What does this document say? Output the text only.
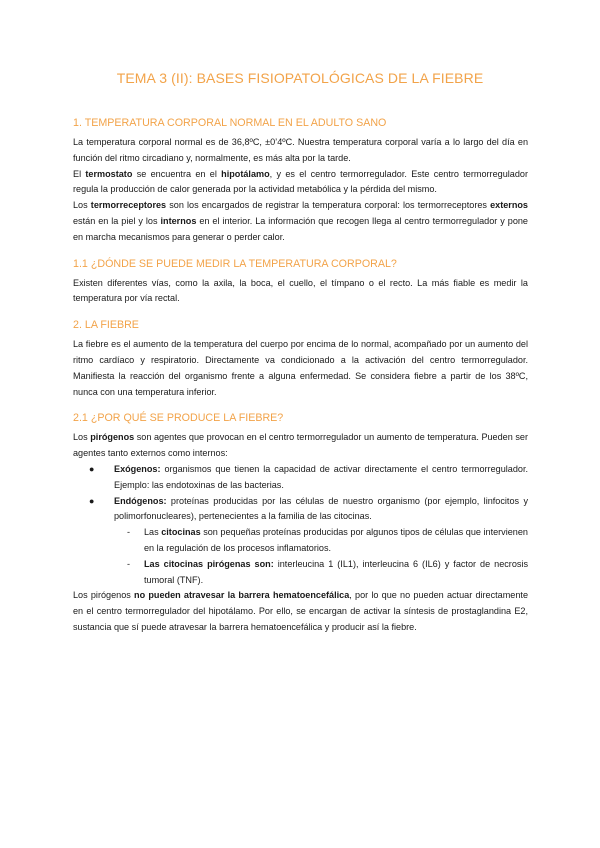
TEMA 3 (II): BASES FISIOPATOLÓGICAS DE LA FIEBRE
1. TEMPERATURA CORPORAL NORMAL EN EL ADULTO SANO

La temperatura corporal normal es de 36,8ºC, ±0’4ºC. Nuestra temperatura corporal varía a lo largo del día en función del ritmo circadiano y, normalmente, es más alta por la tarde.

El termostato se encuentra en el hipotálamo, y es el centro termorregulador. Este centro termorregulador regula la producción de calor generada por la actividad metabólica y la pérdida del mismo.

Los termorreceptores son los encargados de registrar la temperatura corporal: los termorreceptores externos están en la piel y los internos en el interior. La información que recogen llega al centro termorregulador y pone en marcha mecanismos para generar o perder calor.

1.1 ¿DÓNDE SE PUEDE MEDIR LA TEMPERATURA CORPORAL?

Existen diferentes vías, como la axila, la boca, el cuello, el tímpano o el recto. La más fiable es medir la temperatura por vía rectal.

2. LA FIEBRE

La fiebre es el aumento de la temperatura del cuerpo por encima de lo normal, acompañado por un aumento del ritmo cardíaco y respiratorio. Directamente va condicionado a la activación del centro termorregulador. Manifiesta la reacción del organismo frente a alguna enfermedad. Se considera fiebre a partir de los 38ºC, nunca con una temperatura inferior.

2.1 ¿POR QUÉ SE PRODUCE LA FIEBRE?

Los pirógenos son agentes que provocan en el centro termorregulador un aumento de temperatura. Pueden ser agentes tanto externos como internos:

● Exógenos: organismos que tienen la capacidad de activar directamente el centro termorregulador. Ejemplo: las endotoxinas de las bacterias.
● Endógenos: proteínas producidas por las células de nuestro organismo (por ejemplo, linfocitos y polimorfonucleares), pertenecientes a la familia de las citocinas.
- Las citocinas son pequeñas proteínas producidas por algunos tipos de células que intervienen en la regulación de los procesos inflamatorios.
- Las citocinas pirógenas son: interleucina 1 (IL1), interleucina 6 (IL6) y factor de necrosis tumoral (TNF).

Los pirógenos no pueden atravesar la barrera hematoencefálica, por lo que no pueden actuar directamente en el centro termorregulador del hipotálamo. Por ello, se encargan de activar la síntesis de prostaglandina E2, sustancia que sí puede atravesar la barrera hematoencefálica y producir así la fiebre.
